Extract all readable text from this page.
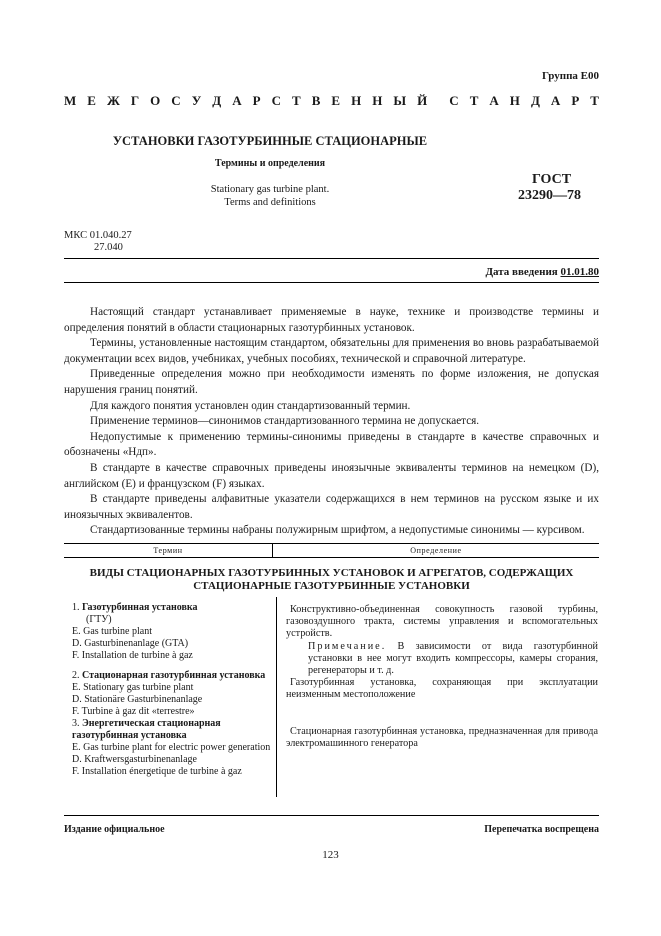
Группа Е00
М Е Ж Г О С У Д А Р С Т В Е Н Н Ы Й С Т А Н Д А Р Т
УСТАНОВКИ ГАЗОТУРБИННЫЕ СТАЦИОНАРНЫЕ
Термины и определения
Stationary gas turbine plant.
Terms and definitions
ГОСТ
23290—78
МКС 01.040.27
27.040
Дата введения 01.01.80

Настоящий стандарт устанавливает применяемые в науке, технике и производстве термины и определения понятий в области стационарных газотурбинных установок.

Термины, установленные настоящим стандартом, обязательны для применения во вновь разрабатываемой документации всех видов, учебниках, учебных пособиях, технической и справочной литературе.

Приведенные определения можно при необходимости изменять по форме изложения, не допуская нарушения границ понятий.

Для каждого понятия установлен один стандартизованный термин.

Применение терминов—синонимов стандартизованного термина не допускается.

Недопустимые к применению термины-синонимы приведены в стандарте в качестве справочных и обозначены «Ндп».

В стандарте в качестве справочных приведены иноязычные эквиваленты терминов на немецком (D), английском (Е) и французском (F) языках.

В стандарте приведены алфавитные указатели содержащихся в нем терминов на русском языке и их иноязычных эквивалентов.

Стандартизованные термины набраны полужирным шрифтом, а недопустимые синонимы — курсивом.

Термин	Определение
ВИДЫ СТАЦИОНАРНЫХ ГАЗОТУРБИННЫХ УСТАНОВОК И АГРЕГАТОВ, СОДЕРЖАЩИХ СТАЦИОНАРНЫЕ ГАЗОТУРБИННЫЕ УСТАНОВКИ
1. Газотурбинная установка
(ГТУ)
E. Gas turbine plant
D. Gasturbinenanlage (GTA)
F. Installation de turbine à gaz
2. Стационарная газотурбинная установка
E. Stationary gas turbine plant
D. Stationäre Gasturbinenanlage
F. Turbine à gaz dit «terrestre»
3. Энергетическая стационарная газотурбинная установка
E. Gas turbine plant for electric power generation
D. Kraftwersgasturbinenanlage
F. Installation énergetique de turbine à gaz

Конструктивно-объединенная совокупность газовой турбины, газовоздушного тракта, системы управления и вспомогательных устройств.

Примечание. В зависимости от вида газотурбинной установки в нее могут входить компрессоры, камеры сгорания, регенераторы и т. д.

Газотурбинная установка, сохраняющая при эксплуатации неизменным местоположение

Стационарная газотурбинная установка, предназначенная для привода электромашинного генератора

Издание официальное	Перепечатка воспрещена
123
